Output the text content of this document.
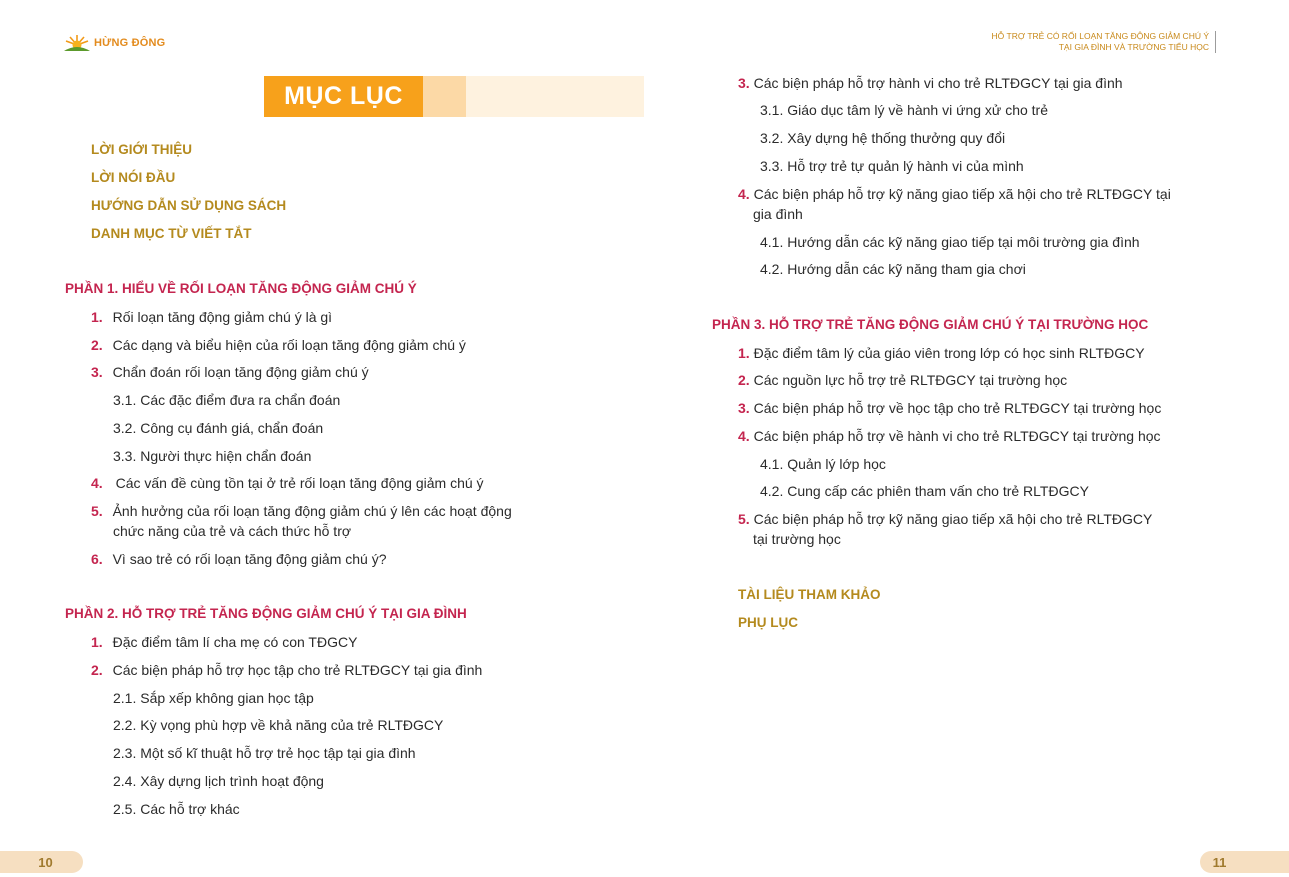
HỪNG ĐÔNG
HỖ TRỢ TRẺ CÓ RỐI LOẠN TĂNG ĐỘNG GIẢM CHÚ Ý
TẠI GIA ĐÌNH VÀ TRƯỜNG TIỂU HỌC
MỤC LỤC
LỜI GIỚI THIỆU
LỜI NÓI ĐẦU
HƯỚNG DẪN SỬ DỤNG SÁCH
DANH MỤC TỪ VIẾT TẮT
PHẦN 1. HIỂU VỀ RỐI LOẠN TĂNG ĐỘNG GIẢM CHÚ Ý
1. Rối loạn tăng động giảm chú ý là gì
2. Các dạng và biểu hiện của rối loạn tăng động giảm chú ý
3. Chẩn đoán rối loạn tăng động giảm chú ý
3.1. Các đặc điểm đưa ra chẩn đoán
3.2. Công cụ đánh giá, chẩn đoán
3.3. Người thực hiện chẩn đoán
4. Các vấn đề cùng tồn tại ở trẻ rối loạn tăng động giảm chú ý
5. Ảnh hưởng của rối loạn tăng động giảm chú ý lên các hoạt động
chức năng của trẻ và cách thức hỗ trợ
6. Vì sao trẻ có rối loạn tăng động giảm chú ý?
PHẦN 2. HỖ TRỢ TRẺ TĂNG ĐỘNG GIẢM CHÚ Ý TẠI GIA ĐÌNH
1. Đặc điểm tâm lí cha mẹ có con TĐGCY
2. Các biện pháp hỗ trợ học tập cho trẻ RLTĐGCY tại gia đình
2.1. Sắp xếp không gian học tập
2.2. Kỳ vọng phù hợp về khả năng của trẻ RLTĐGCY
2.3. Một số kĩ thuật hỗ trợ trẻ học tập tại gia đình
2.4. Xây dựng lịch trình hoạt động
2.5. Các hỗ trợ khác
3. Các biện pháp hỗ trợ hành vi cho trẻ RLTĐGCY tại gia đình
3.1. Giáo dục tâm lý về hành vi ứng xử cho trẻ
3.2. Xây dựng hệ thống thưởng quy đổi
3.3. Hỗ trợ trẻ tự quản lý hành vi của mình
4. Các biện pháp hỗ trợ kỹ năng giao tiếp xã hội cho trẻ RLTĐGCY tại
gia đình
4.1. Hướng dẫn các kỹ năng giao tiếp tại môi trường gia đình
4.2. Hướng dẫn các kỹ năng tham gia chơi
PHẦN 3. HỖ TRỢ TRẺ TĂNG ĐỘNG GIẢM CHÚ Ý TẠI TRƯỜNG HỌC
1. Đặc điểm tâm lý của giáo viên trong lớp có học sinh RLTĐGCY
2. Các nguồn lực hỗ trợ trẻ RLTĐGCY tại trường học
3. Các biện pháp hỗ trợ về học tập cho trẻ RLTĐGCY tại trường học
4. Các biện pháp hỗ trợ về hành vi cho trẻ RLTĐGCY tại trường học
4.1. Quản lý lớp học
4.2. Cung cấp các phiên tham vấn cho trẻ RLTĐGCY
5. Các biện pháp hỗ trợ kỹ năng giao tiếp xã hội cho trẻ RLTĐGCY
tại trường học
TÀI LIỆU THAM KHẢO
PHỤ LỤC
10	11
